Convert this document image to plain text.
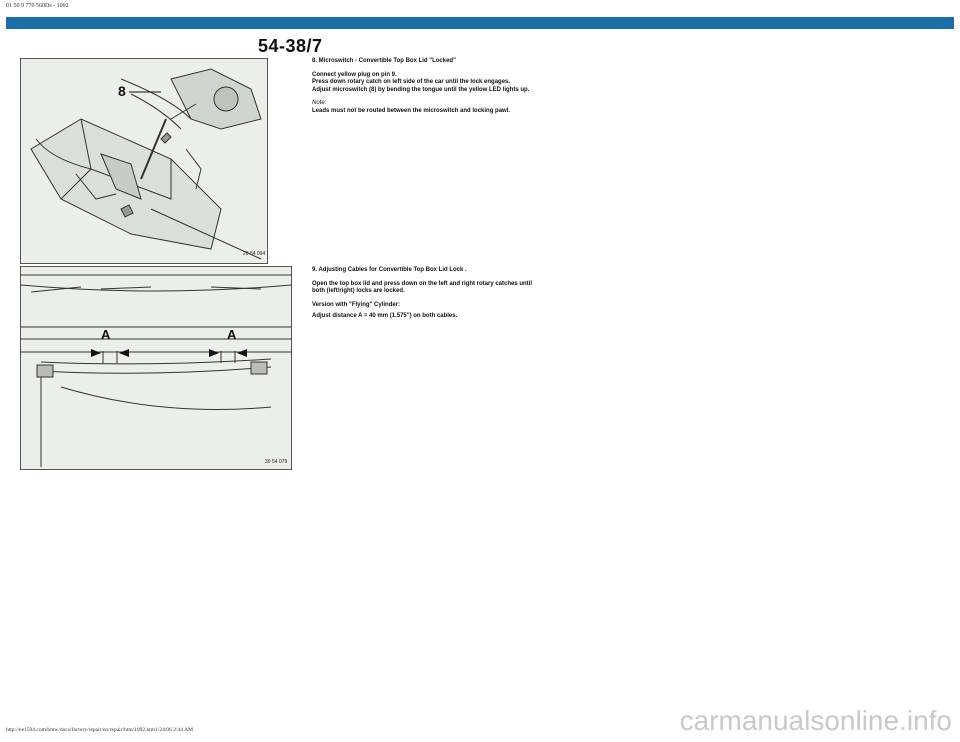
01 50 9 770 560Ds - 1092
54-38/7
8
20 54 094
A	A
30 54 079
8. Microswitch - Convertible Top Box Lid "Locked"

Connect yellow plug on pin 9.

Press down rotary catch on left side of the car until the lock engages.

Adjust microswitch (8) by bending the tongue until the yellow LED lights up.

Note:

Leads must not be routed between the microswitch and locking pawl.

9. Adjusting Cables for Convertible Top Box Lid Lock .

Open the top box lid and press down on the left and right rotary catches until

both (left/right) locks are locked.

Version with "Flying" Cylinder:

Adjust distance A = 40 mm (1.575") on both cables.

http://ee1594.com/bmw/docs/factory/repair/en/repair/htm/1092.htm1/24/06 2:44 AM	carmanualsonline.info
